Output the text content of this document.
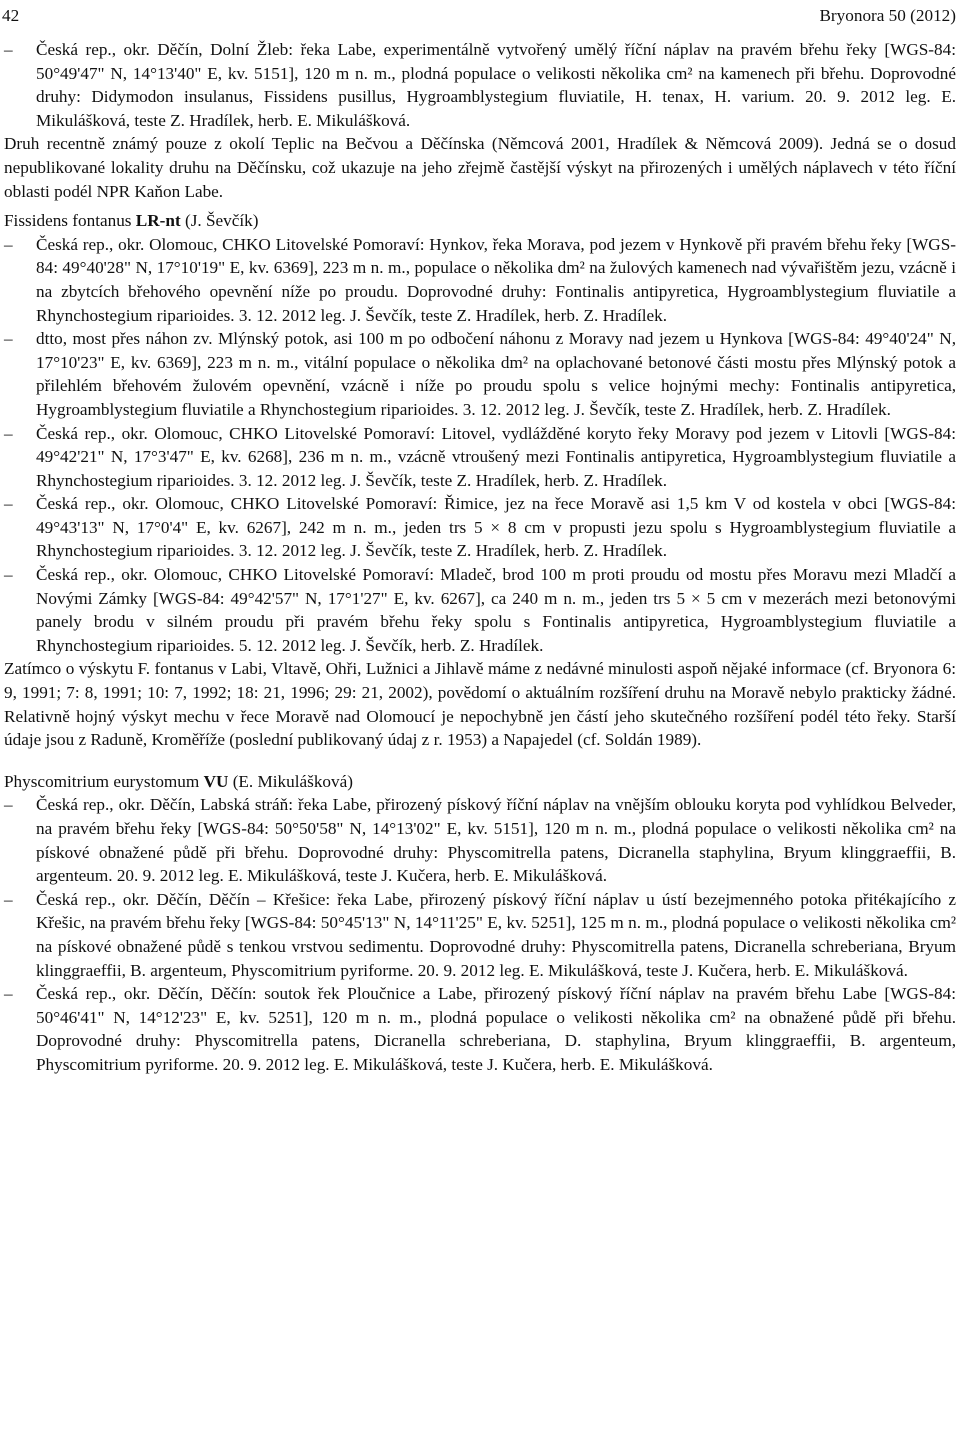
42	Bryonora 50 (2012)
– Česká rep., okr. Děčín, Dolní Žleb: řeka Labe, experimentálně vytvořený umělý říční náplav na pravém břehu řeky [WGS-84: 50°49'47" N, 14°13'40" E, kv. 5151], 120 m n. m., plodná populace o velikosti několika cm² na kamenech při břehu. Doprovodné druhy: Didymodon insulanus, Fissidens pusillus, Hygroamblystegium fluviatile, H. tenax, H. varium. 20. 9. 2012 leg. E. Mikulášková, teste Z. Hradílek, herb. E. Mikulášková.

Druh recentně známý pouze z okolí Teplic na Bečvou a Děčínska (Němcová 2001, Hradílek & Němcová 2009). Jedná se o dosud nepublikované lokality druhu na Děčínsku, což ukazuje na jeho zřejmě častější výskyt na přirozených i umělých náplavech v této říční oblasti podél NPR Kaňon Labe.

Fissidens fontanus LR-nt (J. Ševčík)

– Česká rep., okr. Olomouc, CHKO Litovelské Pomoraví: Hynkov, řeka Morava, pod jezem v Hynkově při pravém břehu řeky [WGS-84: 49°40'28" N, 17°10'19" E, kv. 6369], 223 m n. m., populace o několika dm² na žulových kamenech nad vývařištěm jezu, vzácně i na zbytcích břehového opevnění níže po proudu. Doprovodné druhy: Fontinalis antipyretica, Hygroamblystegium fluviatile a Rhynchostegium riparioides. 3. 12. 2012 leg. J. Ševčík, teste Z. Hradílek, herb. Z. Hradílek.
– dtto, most přes náhon zv. Mlýnský potok, asi 100 m po odbočení náhonu z Moravy nad jezem u Hynkova [WGS-84: 49°40'24" N, 17°10'23" E, kv. 6369], 223 m n. m., vitální populace o několika dm² na oplachované betonové části mostu přes Mlýnský potok a přilehlém břehovém žulovém opevnění, vzácně i níže po proudu spolu s velice hojnými mechy: Fontinalis antipyretica, Hygroamblystegium fluviatile a Rhynchostegium riparioides. 3. 12. 2012 leg. J. Ševčík, teste Z. Hradílek, herb. Z. Hradílek.
– Česká rep., okr. Olomouc, CHKO Litovelské Pomoraví: Litovel, vydlážděné koryto řeky Moravy pod jezem v Litovli [WGS-84: 49°42'21" N, 17°3'47" E, kv. 6268], 236 m n. m., vzácně vtroušený mezi Fontinalis antipyretica, Hygroamblystegium fluviatile a Rhynchostegium riparioides. 3. 12. 2012 leg. J. Ševčík, teste Z. Hradílek, herb. Z. Hradílek.
– Česká rep., okr. Olomouc, CHKO Litovelské Pomoraví: Řimice, jez na řece Moravě asi 1,5 km V od kostela v obci [WGS-84: 49°43'13" N, 17°0'4" E, kv. 6267], 242 m n. m., jeden trs 5 × 8 cm v propusti jezu spolu s Hygroamblystegium fluviatile a Rhynchostegium riparioides. 3. 12. 2012 leg. J. Ševčík, teste Z. Hradílek, herb. Z. Hradílek.
– Česká rep., okr. Olomouc, CHKO Litovelské Pomoraví: Mladeč, brod 100 m proti proudu od mostu přes Moravu mezi Mladčí a Novými Zámky [WGS-84: 49°42'57" N, 17°1'27" E, kv. 6267], ca 240 m n. m., jeden trs 5 × 5 cm v mezerách mezi betonovými panely brodu v silném proudu při pravém břehu řeky spolu s Fontinalis antipyretica, Hygroamblystegium fluviatile a Rhynchostegium riparioides. 5. 12. 2012 leg. J. Ševčík, herb. Z. Hradílek.

Zatímco o výskytu F. fontanus v Labi, Vltavě, Ohři, Lužnici a Jihlavě máme z nedávné minulosti aspoň nějaké informace (cf. Bryonora 6: 9, 1991; 7: 8, 1991; 10: 7, 1992; 18: 21, 1996; 29: 21, 2002), povědomí o aktuálním rozšíření druhu na Moravě nebylo prakticky žádné. Relativně hojný výskyt mechu v řece Moravě nad Olomoucí je nepochybně jen částí jeho skutečného rozšíření podél této řeky. Starší údaje jsou z Raduně, Kroměříže (poslední publikovaný údaj z r. 1953) a Napajedel (cf. Soldán 1989).

Physcomitrium eurystomum VU (E. Mikulášková)

– Česká rep., okr. Děčín, Labská stráň: řeka Labe, přirozený pískový říční náplav na vnějším oblouku koryta pod vyhlídkou Belveder, na pravém břehu řeky [WGS-84: 50°50'58" N, 14°13'02" E, kv. 5151], 120 m n. m., plodná populace o velikosti několika cm² na pískové obnažené půdě při břehu. Doprovodné druhy: Physcomitrella patens, Dicranella staphylina, Bryum klinggraeffii, B. argenteum. 20. 9. 2012 leg. E. Mikulášková, teste J. Kučera, herb. E. Mikulášková.
– Česká rep., okr. Děčín, Děčín – Křešice: řeka Labe, přirozený pískový říční náplav u ústí bezejmenného potoka přitékajícího z Křešic, na pravém břehu řeky [WGS-84: 50°45'13" N, 14°11'25" E, kv. 5251], 125 m n. m., plodná populace o velikosti několika cm² na pískové obnažené půdě s tenkou vrstvou sedimentu. Doprovodné druhy: Physcomitrella patens, Dicranella schreberiana, Bryum klinggraeffii, B. argenteum, Physcomitrium pyriforme. 20. 9. 2012 leg. E. Mikulášková, teste J. Kučera, herb. E. Mikulášková.
– Česká rep., okr. Děčín, Děčín: soutok řek Ploučnice a Labe, přirozený pískový říční náplav na pravém břehu Labe [WGS-84: 50°46'41" N, 14°12'23" E, kv. 5251], 120 m n. m., plodná populace o velikosti několika cm² na obnažené půdě při břehu. Doprovodné druhy: Physcomitrella patens, Dicranella schreberiana, D. staphylina, Bryum klinggraeffii, B. argenteum, Physcomitrium pyriforme. 20. 9. 2012 leg. E. Mikulášková, teste J. Kučera, herb. E. Mikulášková.
